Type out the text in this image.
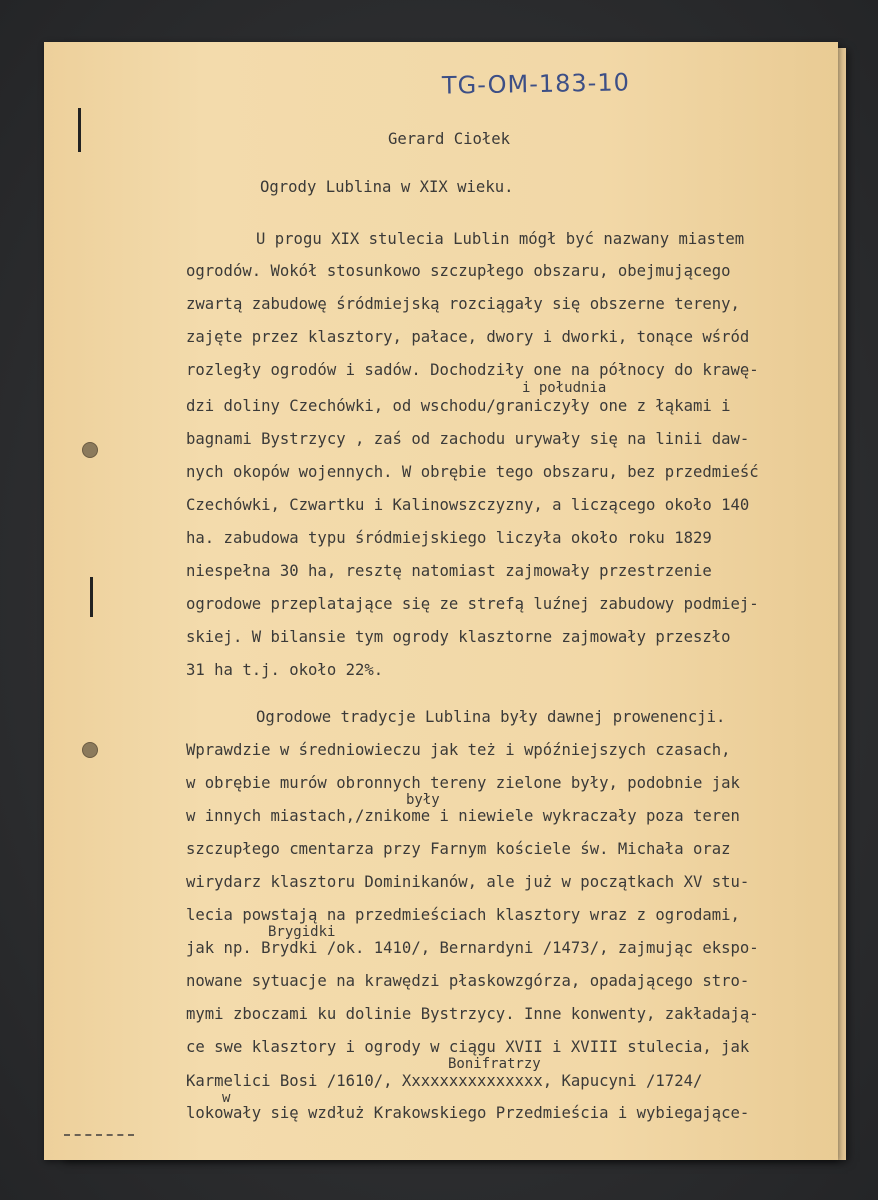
TG-OM-183-10

Gerard Ciołek

Ogrody Lublina w XIX wieku.

U progu XIX stulecia Lublin mógł być nazwany miastem

ogrodów. Wokół stosunkowo szczupłego obszaru, obejmującego

zwartą zabudowę śródmiejską rozciągały się obszerne tereny,

zajęte przez klasztory, pałace, dwory i dworki, tonące wśród

rozległy ogrodów i sadów. Dochodziły one na północy do krawę-

i południa

dzi doliny Czechówki, od wschodu/graniczyły one z łąkami i

bagnami Bystrzycy , zaś od zachodu urywały się na linii daw-

nych okopów wojennych. W obrębie tego obszaru, bez przedmieść

Czechówki, Czwartku i Kalinowszczyzny, a liczącego około 140

ha. zabudowa typu śródmiejskiego liczyła około roku 1829

niespełna 30 ha, resztę natomiast zajmowały przestrzenie

ogrodowe przeplatające się ze strefą luźnej zabudowy podmiej-

skiej. W bilansie tym ogrody klasztorne zajmowały przeszło

31 ha t.j. około 22%.

Ogrodowe tradycje Lublina były dawnej prowenencji.

Wprawdzie w średniowieczu jak też i wpóźniejszych czasach,

w obrębie murów obronnych tereny zielone były, podobnie jak

były

w innych miastach,/znikome i niewiele wykraczały poza teren

szczupłego cmentarza przy Farnym kościele św. Michała oraz

wirydarz klasztoru Dominikanów, ale już w początkach XV stu-

lecia powstają na przedmieściach klasztory wraz z ogrodami,

Brygidki

jak np. Brydki /ok. 1410/, Bernardyni /1473/, zajmując ekspo-

nowane sytuacje na krawędzi płaskowzgórza, opadającego stro-

mymi zboczami ku dolinie Bystrzycy. Inne konwenty, zakładają-

ce swe klasztory i ogrody w ciągu XVII i XVIII stulecia, jak

Bonifratrzy

Karmelici Bosi /1610/, Xxxxxxxxxxxxxxx, Kapucyni /1724/

w

lokowały się wzdłuż Krakowskiego Przedmieścia i wybiegające-
